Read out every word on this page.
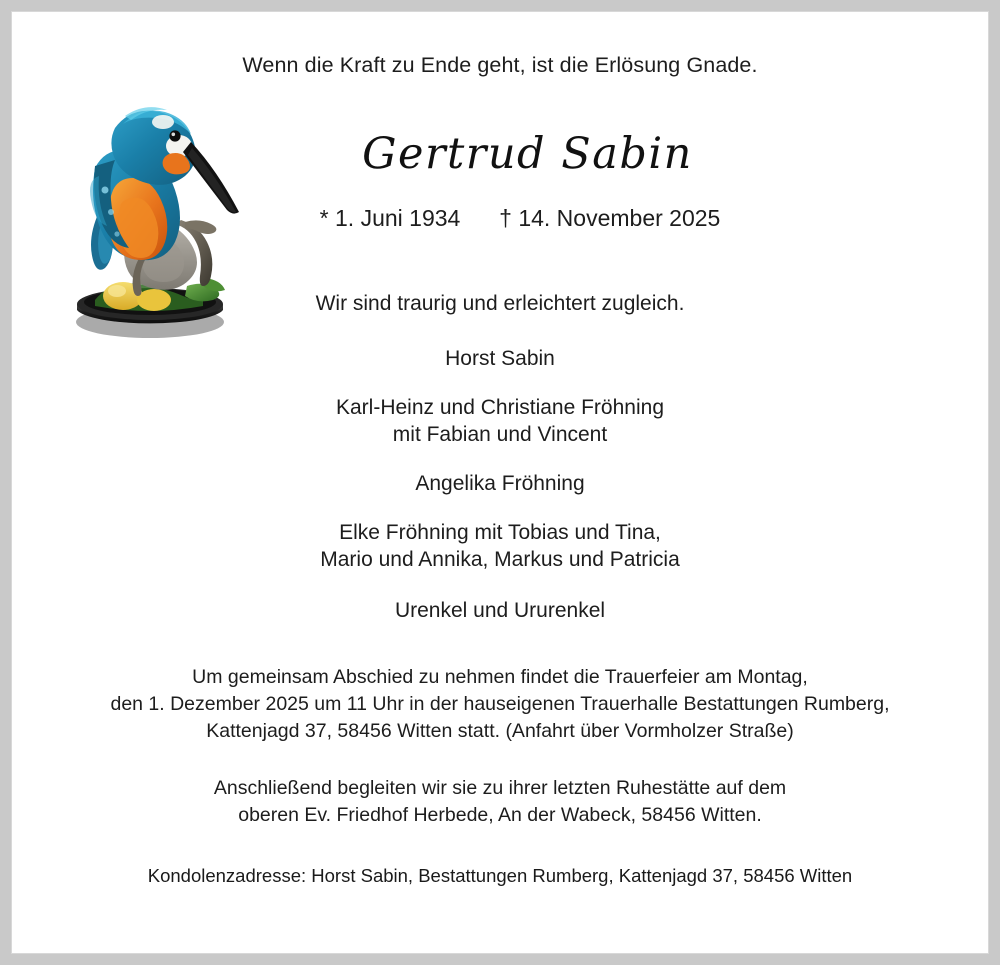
Wenn die Kraft zu Ende geht, ist die Erlösung Gnade.
Gertrud Sabin
* 1. Juni 1934 † 14. November 2025
Wir sind traurig und erleichtert zugleich.
Horst Sabin
Karl-Heinz und Christiane Fröhning
mit Fabian und Vincent
Angelika Fröhning
Elke Fröhning mit Tobias und Tina,
Mario und Annika, Markus und Patricia
Urenkel und Ururenkel
Um gemeinsam Abschied zu nehmen findet die Trauerfeier am Montag,
den 1. Dezember 2025 um 11 Uhr in der hauseigenen Trauerhalle Bestattungen Rumberg,
Kattenjagd 37, 58456 Witten statt. (Anfahrt über Vormholzer Straße)
Anschließend begleiten wir sie zu ihrer letzten Ruhestätte auf dem
oberen Ev. Friedhof Herbede, An der Wabeck, 58456 Witten.
Kondolenzadresse: Horst Sabin, Bestattungen Rumberg, Kattenjagd 37, 58456 Witten
